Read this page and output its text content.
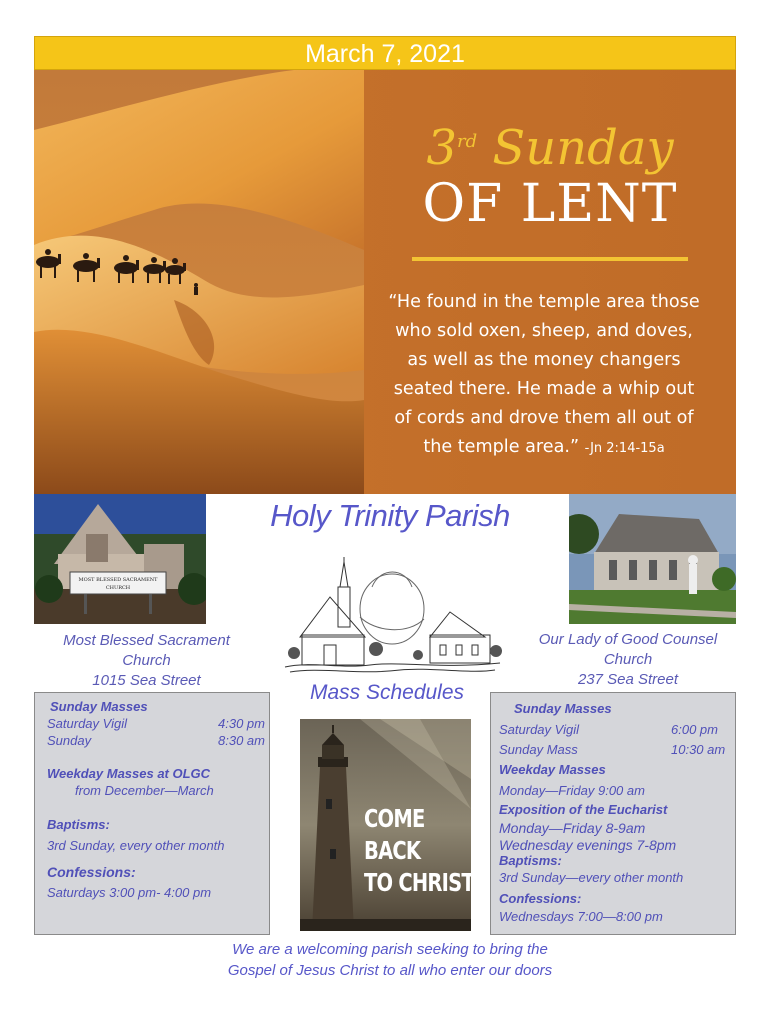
March 7, 2021
3rd Sunday
OF LENT
“He found in the temple area those
who sold oxen, sheep, and doves,
as well as the money changers
seated there. He made a whip out
of cords and drove them all out of
the temple area.” -Jn 2:14-15a
MOST BLESSED SACRAMENT
CHURCH
Holy Trinity Parish
Most Blessed Sacrament
Church
1015 Sea Street
Our Lady of Good Counsel
Church
237 Sea Street
Mass Schedules
Sunday Masses
Saturday Vigil	4:30 pm
Sunday	8:30 am
Weekday Masses at OLGC
from December—March
Baptisms:
3rd Sunday, every other month
Confessions:
Saturdays 3:00 pm- 4:00 pm
COME
BACK
TO CHRIST
Sunday Masses
Saturday Vigil	6:00 pm
Sunday Mass	10:30 am
Weekday Masses
Monday—Friday 9:00 am
Exposition of the Eucharist
Monday—Friday 8-9am
Wednesday evenings 7-8pm
Baptisms:
3rd Sunday—every other month
Confessions:
Wednesdays 7:00—8:00 pm
We are a welcoming parish seeking to bring the
Gospel of Jesus Christ to all who enter our doors
